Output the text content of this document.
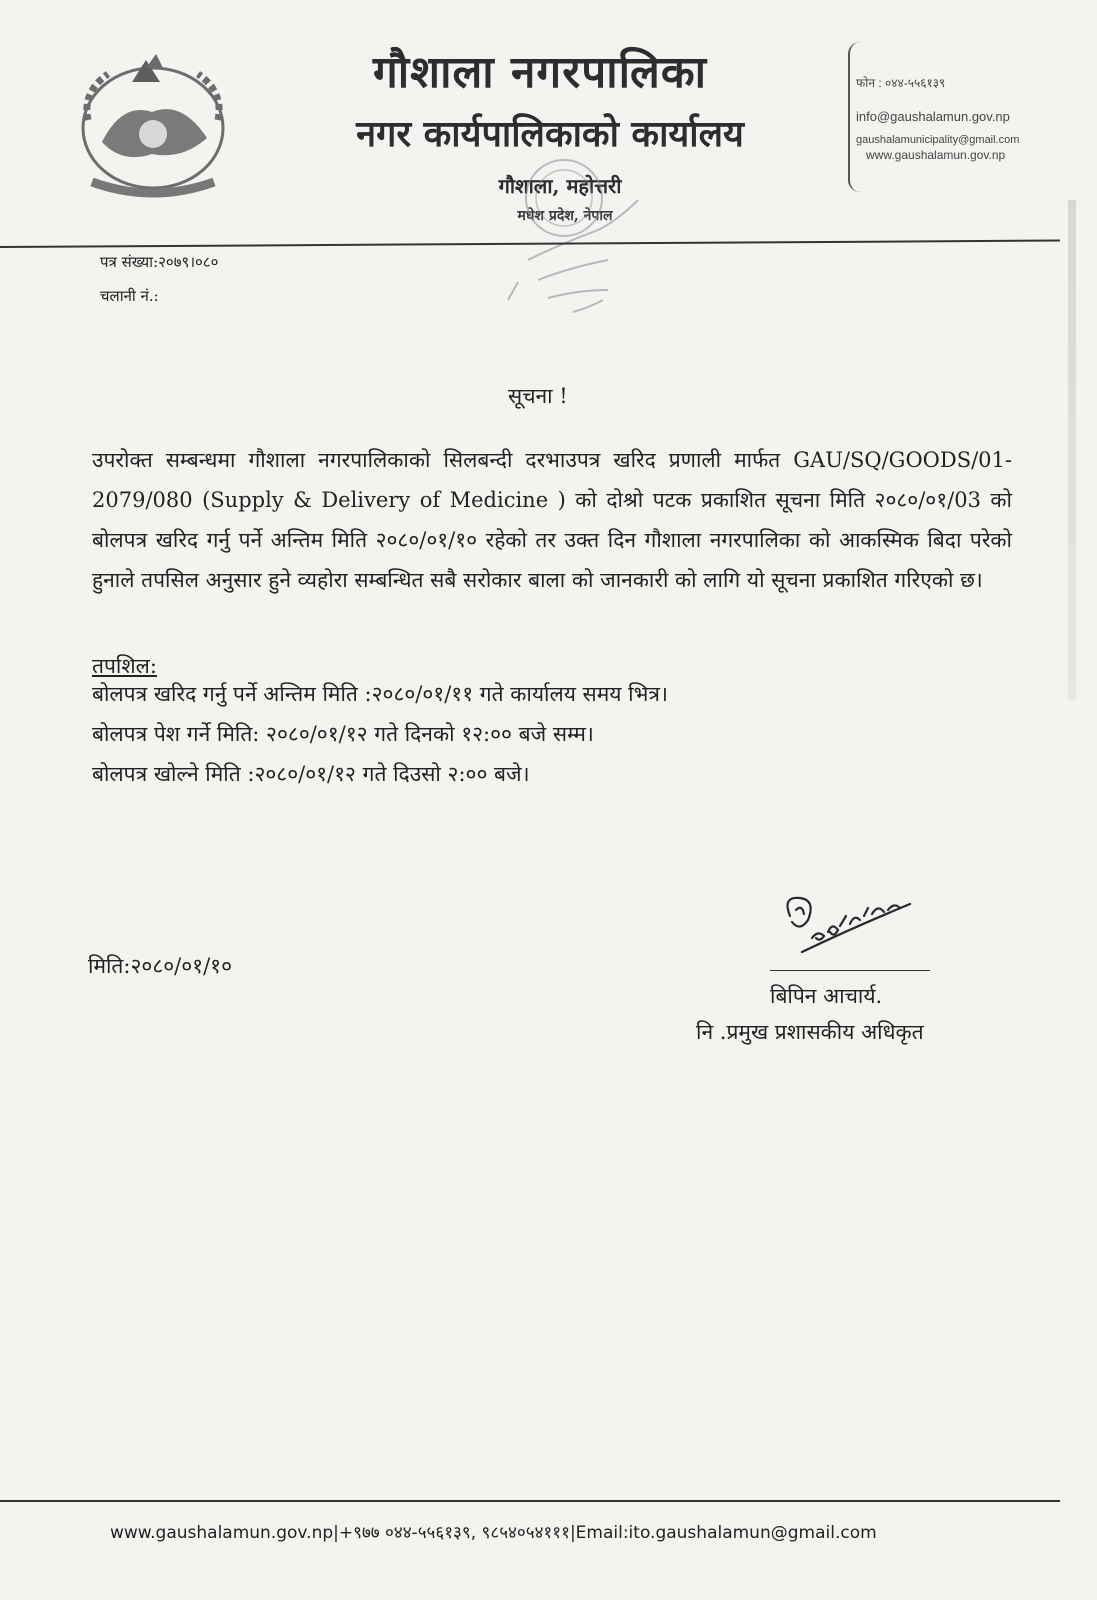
गौशाला नगरपालिका
नगर कार्यपालिकाको कार्यालय
गौशाला, महोत्तरी
मधेश प्रदेश, नेपाल
फोन : ०४४-५५६१३९
info@gaushalamun.gov.np
gaushalamunicipality@gmail.com
www.gaushalamun.gov.np
पत्र संख्या:२०७९।०८०
चलानी नं.:
सूचना !
उपरोक्त सम्बन्धमा गौशाला नगरपालिकाको सिलबन्दी दरभाउपत्र खरिद प्रणाली मार्फत GAU/SQ/GOODS/01-2079/080 (Supply & Delivery of Medicine ) को दोश्रो पटक प्रकाशित सूचना मिति २०८०/०१/03 को बोलपत्र खरिद गर्नु पर्ने अन्तिम मिति २०८०/०१/१० रहेको तर उक्त दिन गौशाला नगरपालिका को आकस्मिक बिदा परेको हुनाले तपसिल अनुसार हुने व्यहोरा सम्बन्धित सबै सरोकार बाला को जानकारी को लागि यो सूचना प्रकाशित गरिएको छ।
तपशिल:
बोलपत्र खरिद गर्नु पर्ने अन्तिम मिति :२०८०/०१/११ गते कार्यालय समय भित्र।
बोलपत्र पेश गर्ने मिति: २०८०/०१/१२ गते दिनको १२:०० बजे सम्म।
बोलपत्र खोल्ने मिति :२०८०/०१/१२ गते दिउसो २:०० बजे।
मिति:२०८०/०१/१०
बिपिन आचार्य.
नि .प्रमुख प्रशासकीय अधिकृत
www.gaushalamun.gov.np|+९७७ ०४४-५५६१३९, ९८५४०५४१११|Email:ito.gaushalamun@gmail.com
